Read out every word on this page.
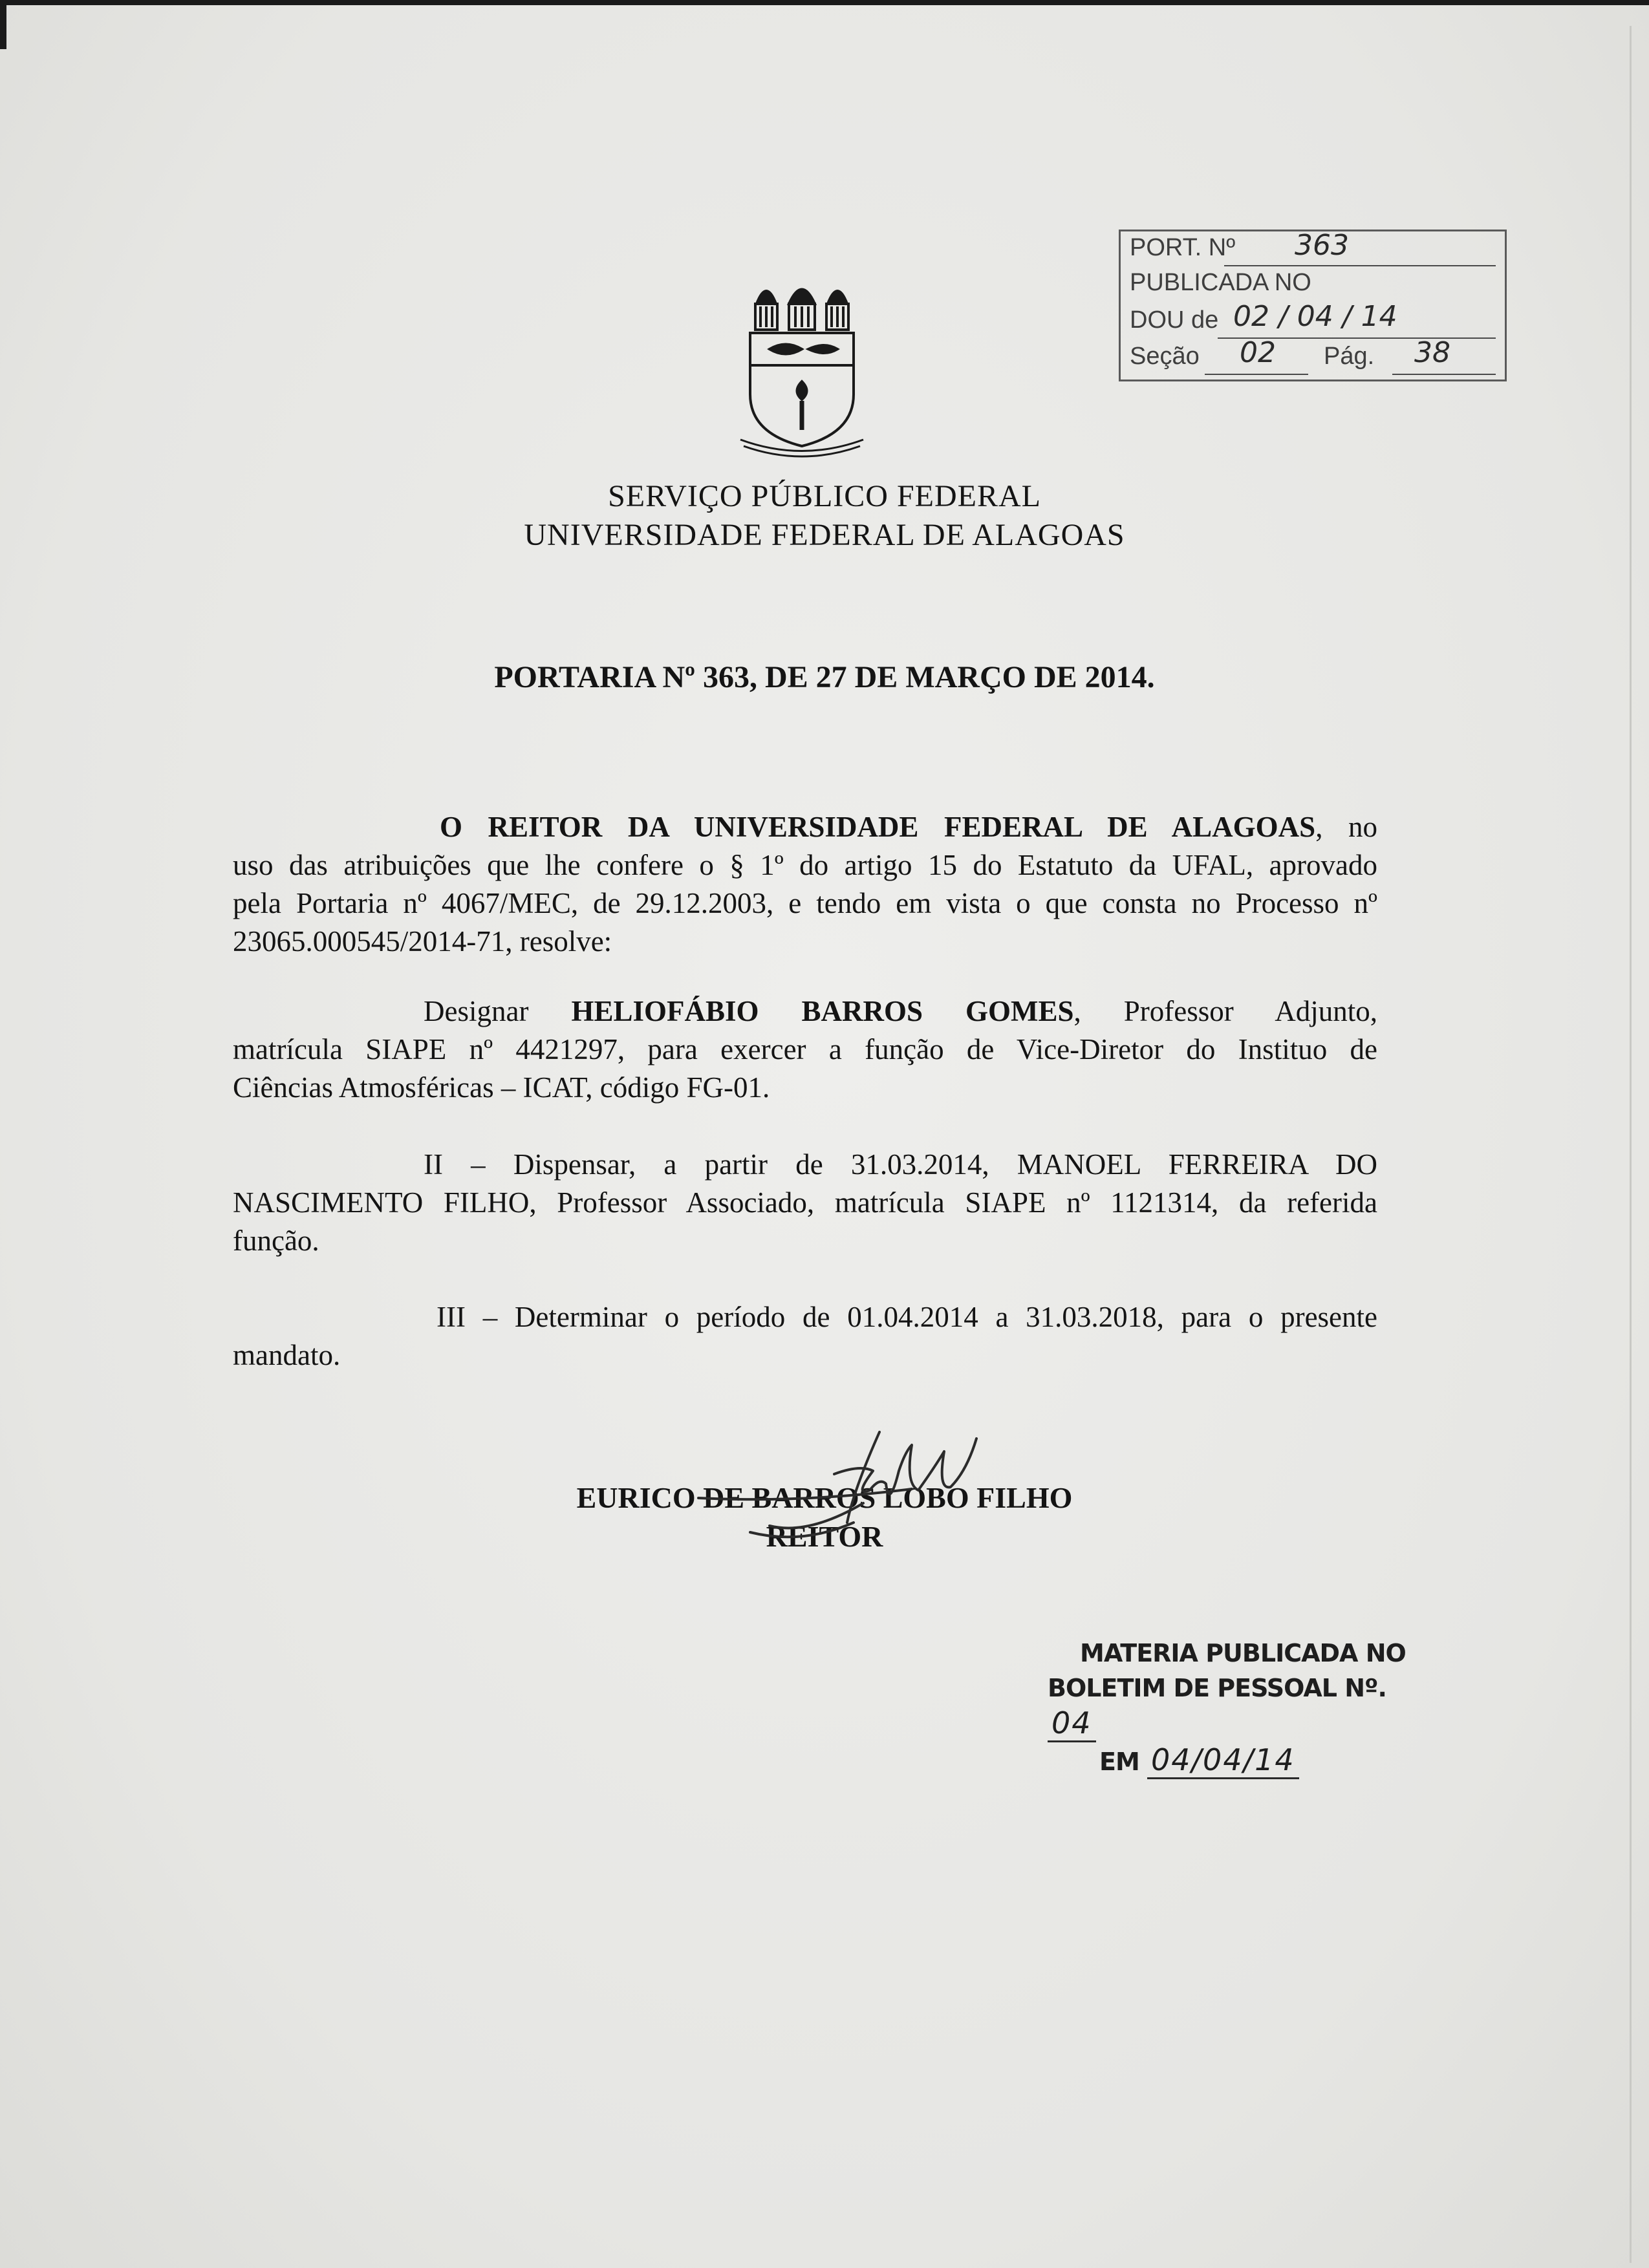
PORT. Nº 363
PUBLICADA NO
DOU de 02 / 04 / 14
Seção 02 Pág. 38
SERVIÇO PÚBLICO FEDERAL
UNIVERSIDADE FEDERAL DE ALAGOAS
PORTARIA Nº 363, DE 27 DE MARÇO DE 2014.
O REITOR DA UNIVERSIDADE FEDERAL DE ALAGOAS, no
uso das atribuições que lhe confere o § 1º do artigo 15 do Estatuto da UFAL, aprovado
pela Portaria nº 4067/MEC, de 29.12.2003, e tendo em vista o que consta no Processo nº
23065.000545/2014-71, resolve:
Designar HELIOFÁBIO BARROS GOMES, Professor Adjunto,
matrícula SIAPE nº 4421297, para exercer a função de Vice-Diretor do Instituo de
Ciências Atmosféricas – ICAT, código FG-01.
II – Dispensar, a partir de 31.03.2014, MANOEL FERREIRA DO
NASCIMENTO FILHO, Professor Associado, matrícula SIAPE nº 1121314, da referida
função.
III – Determinar o período de 01.04.2014 a 31.03.2018, para o presente
mandato.
EURICO DE BARROS LOBO FILHO
REITOR
MATERIA PUBLICADA NO
BOLETIM DE PESSOAL Nº. 04
EM 04/04/14
